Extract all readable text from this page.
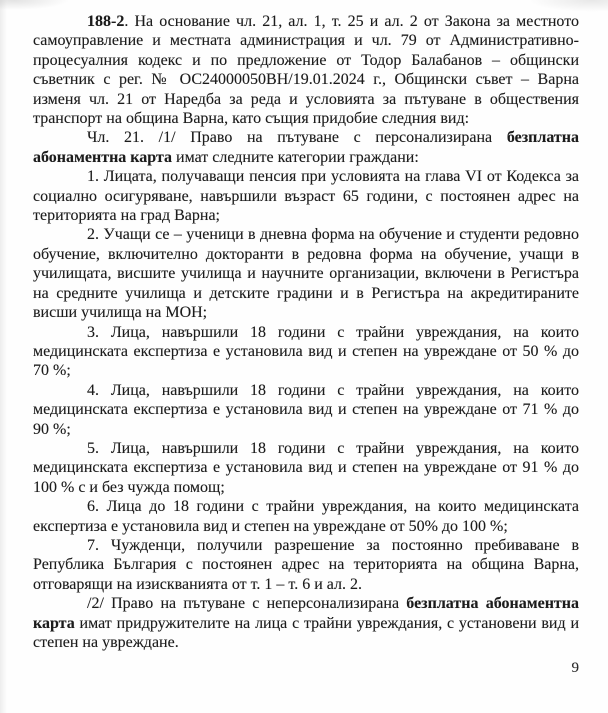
188-2. На основание чл. 21, ал. 1, т. 25 и ал. 2 от Закона за местното самоуправление и местната администрация и чл. 79 от Административно-процесуалния кодекс и по предложение от Тодор Балабанов – общински съветник с рег. № ОС24000050ВН/19.01.2024 г., Общински съвет – Варна изменя чл. 21 от Наредба за реда и условията за пътуване в обществения транспорт на община Варна, като същия придобие следния вид:

Чл. 21. /1/ Право на пътуване с персонализирана безплатна абонаментна карта имат следните категории граждани:

1. Лицата, получаващи пенсия при условията на глава VI от Кодекса за социално осигуряване, навършили възраст 65 години, с постоянен адрес на територията на град Варна;

2. Учащи се – ученици в дневна форма на обучение и студенти редовно обучение, включително докторанти в редовна форма на обучение, учащи в училищата, висшите училища и научните организации, включени в Регистъра на средните училища и детските градини и в Регистъра на акредитираните висши училища на МОН;

3. Лица, навършили 18 години с трайни увреждания, на които медицинската експертиза е установила вид и степен на увреждане от 50 % до 70 %;

4. Лица, навършили 18 години с трайни увреждания, на които медицинската експертиза е установила вид и степен на увреждане от 71 % до 90 %;

5. Лица, навършили 18 години с трайни увреждания, на които медицинската експертиза е установила вид и степен на увреждане от 91 % до 100 % с и без чужда помощ;

6. Лица до 18 години с трайни увреждания, на които медицинската експертиза е установила вид и степен на увреждане от 50% до 100 %;

7. Чужденци, получили разрешение за постоянно пребиваване в Република България с постоянен адрес на територията на община Варна, отговарящи на изискванията от т. 1 – т. 6 и ал. 2.

/2/ Право на пътуване с неперсонализирана безплатна абонаментна карта имат придружителите на лица с трайни увреждания, с установени вид и степен на увреждане.

9
